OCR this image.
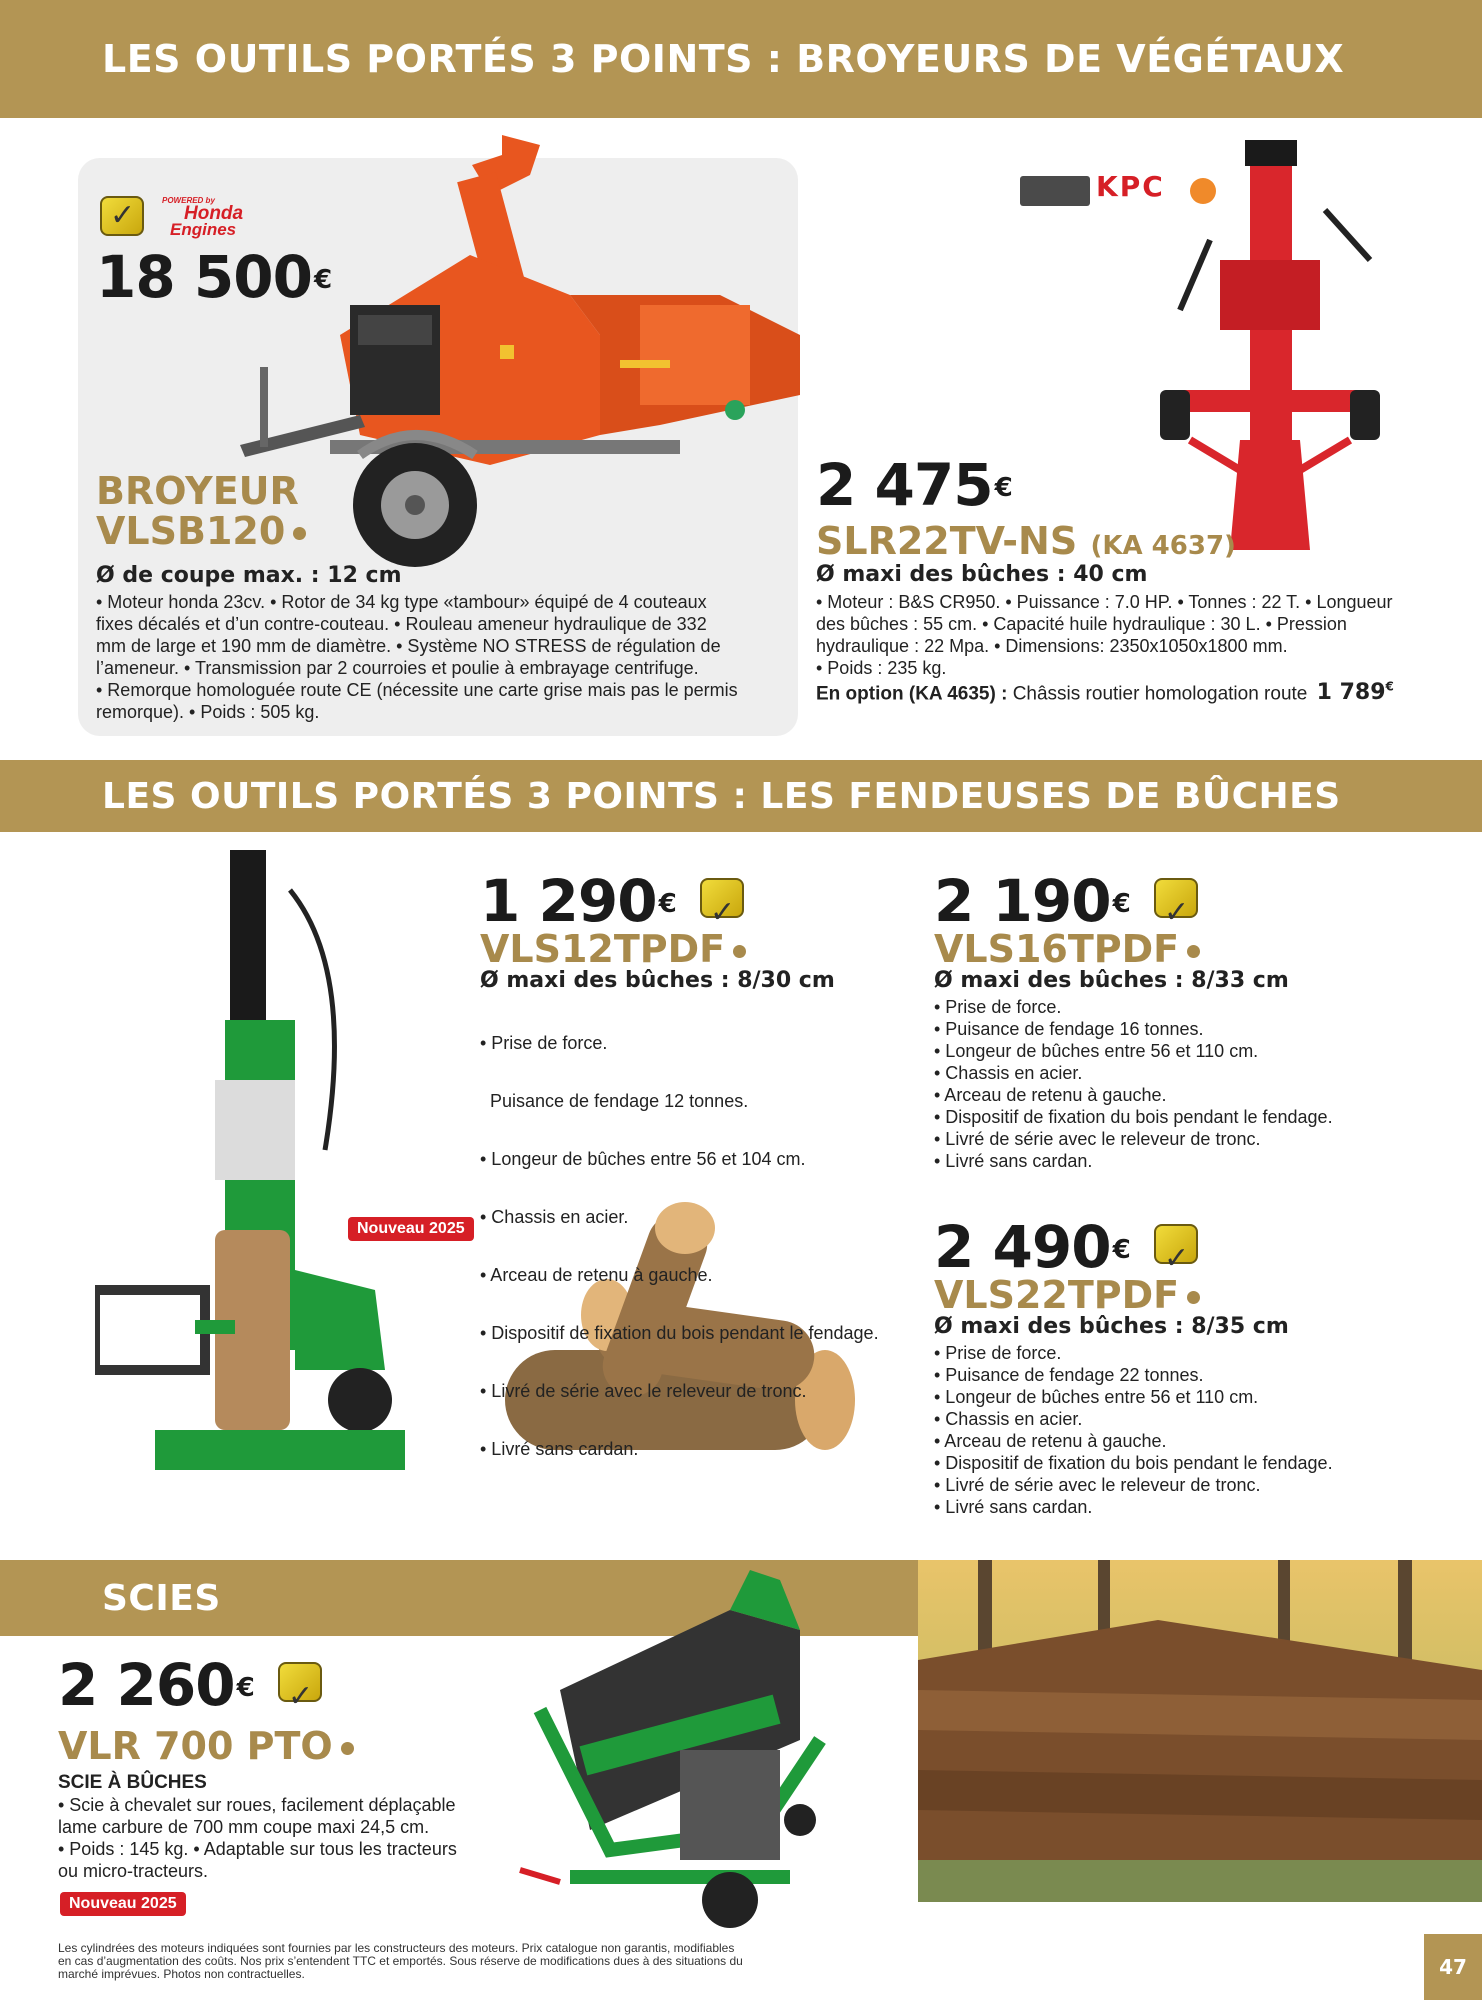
LES OUTILS PORTÉS 3 POINTS : BROYEURS DE VÉGÉTAUX
✓
POWERED by
Honda
Engines
18 500€
BROYEUR
VLSB120
Ø de coupe max. : 12 cm
• Moteur honda 23cv. • Rotor de 34 kg type «tambour» équipé de 4 couteaux
fixes décalés et d’un contre-couteau. • Rouleau ameneur hydraulique de 332
mm de large et 190 mm de diamètre. • Système NO STRESS de régulation de
l’ameneur. • Transmission par 2 courroies et poulie à embrayage centrifuge.
• Remorque homologuée route CE (nécessite une carte grise mais pas le permis
remorque). • Poids : 505 kg.
KPC
2 475€
SLR22TV-NS (KA 4637)
Ø maxi des bûches : 40 cm
• Moteur : B&S CR950. • Puissance : 7.0 HP. • Tonnes : 22 T. • Longueur
des bûches : 55 cm. • Capacité huile hydraulique : 30 L. • Pression
hydraulique : 22 Mpa. • Dimensions: 2350x1050x1800 mm.
• Poids : 235 kg.
En option (KA 4635) : Châssis routier homologation route 1 789€
LES OUTILS PORTÉS 3 POINTS : LES FENDEUSES DE BÛCHES
Nouveau 2025
1 290€ ✓
VLS12TPDF
Ø maxi des bûches : 8/30 cm

• Prise de force.

Puisance de fendage 12 tonnes.

• Longeur de bûches entre 56 et 104 cm.

• Chassis en acier.

• Arceau de retenu à gauche.

• Dispositif de fixation du bois pendant le fendage.

• Livré de série avec le releveur de tronc.

• Livré sans cardan.

2 190€ ✓
VLS16TPDF
Ø maxi des bûches : 8/33 cm
• Prise de force.
• Puisance de fendage 16 tonnes.
• Longeur de bûches entre 56 et 110 cm.
• Chassis en acier.
• Arceau de retenu à gauche.
• Dispositif de fixation du bois pendant le fendage.
• Livré de série avec le releveur de tronc.
• Livré sans cardan.
2 490€ ✓
VLS22TPDF
Ø maxi des bûches : 8/35 cm
• Prise de force.
• Puisance de fendage 22 tonnes.
• Longeur de bûches entre 56 et 110 cm.
• Chassis en acier.
• Arceau de retenu à gauche.
• Dispositif de fixation du bois pendant le fendage.
• Livré de série avec le releveur de tronc.
• Livré sans cardan.
SCIES
2 260€ ✓
VLR 700 PTO
SCIE À BÛCHES
• Scie à chevalet sur roues, facilement déplaçable
lame carbure de 700 mm coupe maxi 24,5 cm.
• Poids : 145 kg. • Adaptable sur tous les tracteurs
ou micro-tracteurs.
Nouveau 2025
Les cylindrées des moteurs indiquées sont fournies par les constructeurs des moteurs. Prix catalogue non garantis, modifiables
en cas d’augmentation des coûts. Nos prix s’entendent TTC et emportés. Sous réserve de modifications dues à des situations du
marché imprévues. Photos non contractuelles.	47
